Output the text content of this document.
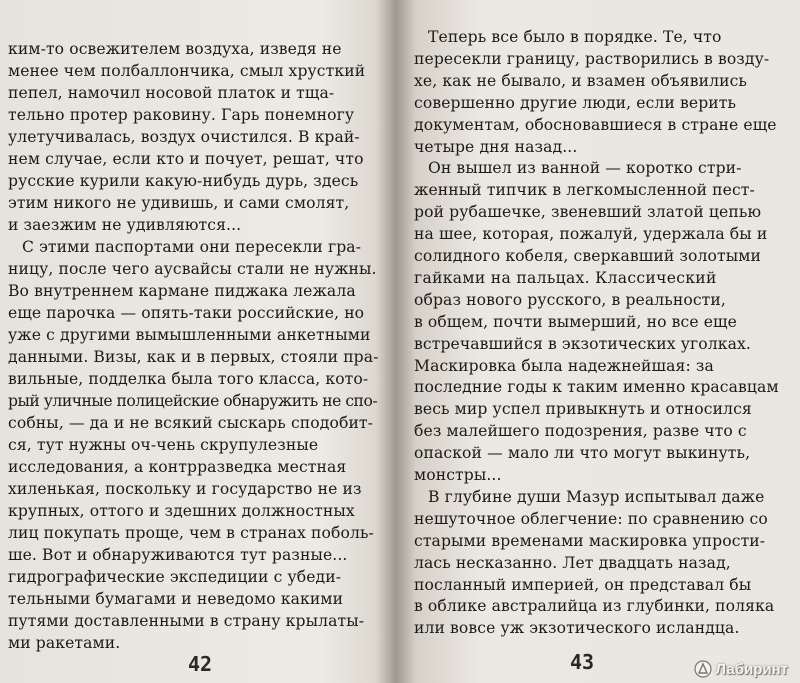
ким-то освежителем воздуха, изведя не
менее чем полбаллончика, смыл хрусткий
пепел, намочил носовой платок и тща-
тельно протер раковину. Гарь понемногу
улетучивалась, воздух очистился. В край-
нем случае, если кто и почует, решат, что
русские курили какую-нибудь дурь, здесь
этим никого не удивишь, и сами смолят,
и заезжим не удивляются...
С этими паспортами они пересекли гра-
ницу, после чего аусвайсы стали не нужны.
Во внутреннем кармане пиджака лежала
еще парочка — опять-таки российские, но
уже с другими вымышленными анкетными
данными. Визы, как и в первых, стояли пра-
вильные, подделка была того класса, кото-
рый уличные полицейские обнаружить не спо-
собны, — да и не всякий сыскарь сподобит-
ся, тут нужны оч-чень скрупулезные
исследования, а контрразведка местная
хиленькая, поскольку и государство не из
крупных, оттого и здешних должностных
лиц покупать проще, чем в странах поболь-
ше. Вот и обнаруживаются тут разные...
гидрографические экспедиции с убеди-
тельными бумагами и неведомо какими
путями доставленными в страну крылаты-
ми ракетами.
42
Теперь все было в порядке. Те, что
пересекли границу, растворились в возду-
хе, как не бывало, и взамен объявились
совершенно другие люди, если верить
документам, обосновавшиеся в стране еще
четыре дня назад...
Он вышел из ванной — коротко стри-
женный типчик в легкомысленной пест-
рой рубашечке, звеневший златой цепью
на шее, которая, пожалуй, удержала бы и
солидного кобеля, сверкавший золотыми
гайками на пальцах. Классический
образ нового русского, в реальности,
в общем, почти вымерший, но все еще
встречавшийся в экзотических уголках.
Маскировка была надежнейшая: за
последние годы к таким именно красавцам
весь мир успел привыкнуть и относился
без малейшего подозрения, разве что с
опаской — мало ли что могут выкинуть,
монстры...
В глубине души Мазур испытывал даже
нешуточное облегчение: по сравнению со
старыми временами маскировка упрости-
лась несказанно. Лет двадцать назад,
посланный империей, он представал бы
в облике австралийца из глубинки, поляка
или вовсе уж экзотического исландца.
43	Лабиринт
